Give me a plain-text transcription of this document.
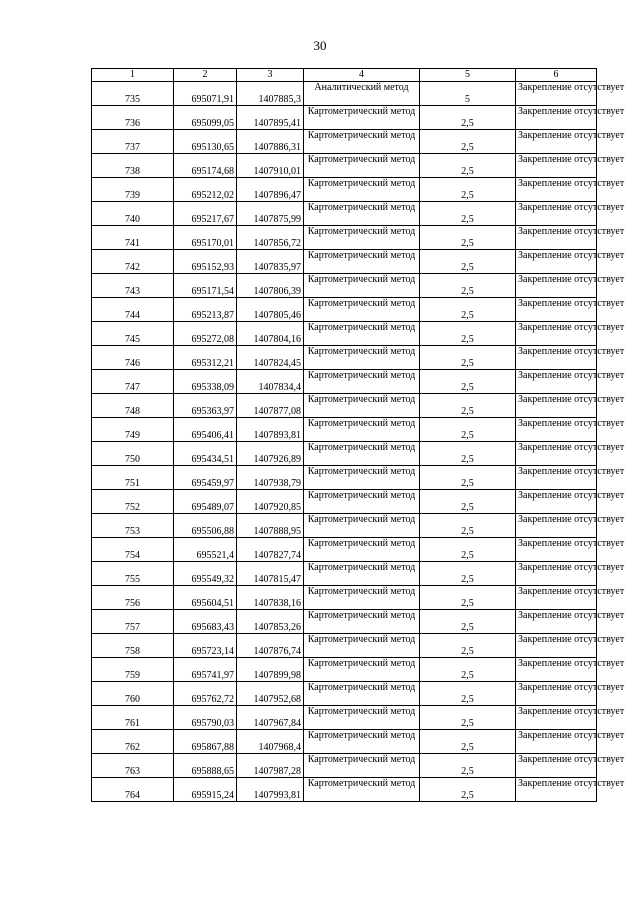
30
1	2	3	4	5	6
735	695071,91	1407885,3	Аналитический метод	5	Закрепление отсутствует
736	695099,05	1407895,41	Картометрический метод	2,5	Закрепление отсутствует
737	695130,65	1407886,31	Картометрический метод	2,5	Закрепление отсутствует
738	695174,68	1407910,01	Картометрический метод	2,5	Закрепление отсутствует
739	695212,02	1407896,47	Картометрический метод	2,5	Закрепление отсутствует
740	695217,67	1407875,99	Картометрический метод	2,5	Закрепление отсутствует
741	695170,01	1407856,72	Картометрический метод	2,5	Закрепление отсутствует
742	695152,93	1407835,97	Картометрический метод	2,5	Закрепление отсутствует
743	695171,54	1407806,39	Картометрический метод	2,5	Закрепление отсутствует
744	695213,87	1407805,46	Картометрический метод	2,5	Закрепление отсутствует
745	695272,08	1407804,16	Картометрический метод	2,5	Закрепление отсутствует
746	695312,21	1407824,45	Картометрический метод	2,5	Закрепление отсутствует
747	695338,09	1407834,4	Картометрический метод	2,5	Закрепление отсутствует
748	695363,97	1407877,08	Картометрический метод	2,5	Закрепление отсутствует
749	695406,41	1407893,81	Картометрический метод	2,5	Закрепление отсутствует
750	695434,51	1407926,89	Картометрический метод	2,5	Закрепление отсутствует
751	695459,97	1407938,79	Картометрический метод	2,5	Закрепление отсутствует
752	695489,07	1407920,85	Картометрический метод	2,5	Закрепление отсутствует
753	695506,88	1407888,95	Картометрический метод	2,5	Закрепление отсутствует
754	695521,4	1407827,74	Картометрический метод	2,5	Закрепление отсутствует
755	695549,32	1407815,47	Картометрический метод	2,5	Закрепление отсутствует
756	695604,51	1407838,16	Картометрический метод	2,5	Закрепление отсутствует
757	695683,43	1407853,26	Картометрический метод	2,5	Закрепление отсутствует
758	695723,14	1407876,74	Картометрический метод	2,5	Закрепление отсутствует
759	695741,97	1407899,98	Картометрический метод	2,5	Закрепление отсутствует
760	695762,72	1407952,68	Картометрический метод	2,5	Закрепление отсутствует
761	695790,03	1407967,84	Картометрический метод	2,5	Закрепление отсутствует
762	695867,88	1407968,4	Картометрический метод	2,5	Закрепление отсутствует
763	695888,65	1407987,28	Картометрический метод	2,5	Закрепление отсутствует
764	695915,24	1407993,81	Картометрический метод	2,5	Закрепление отсутствует
